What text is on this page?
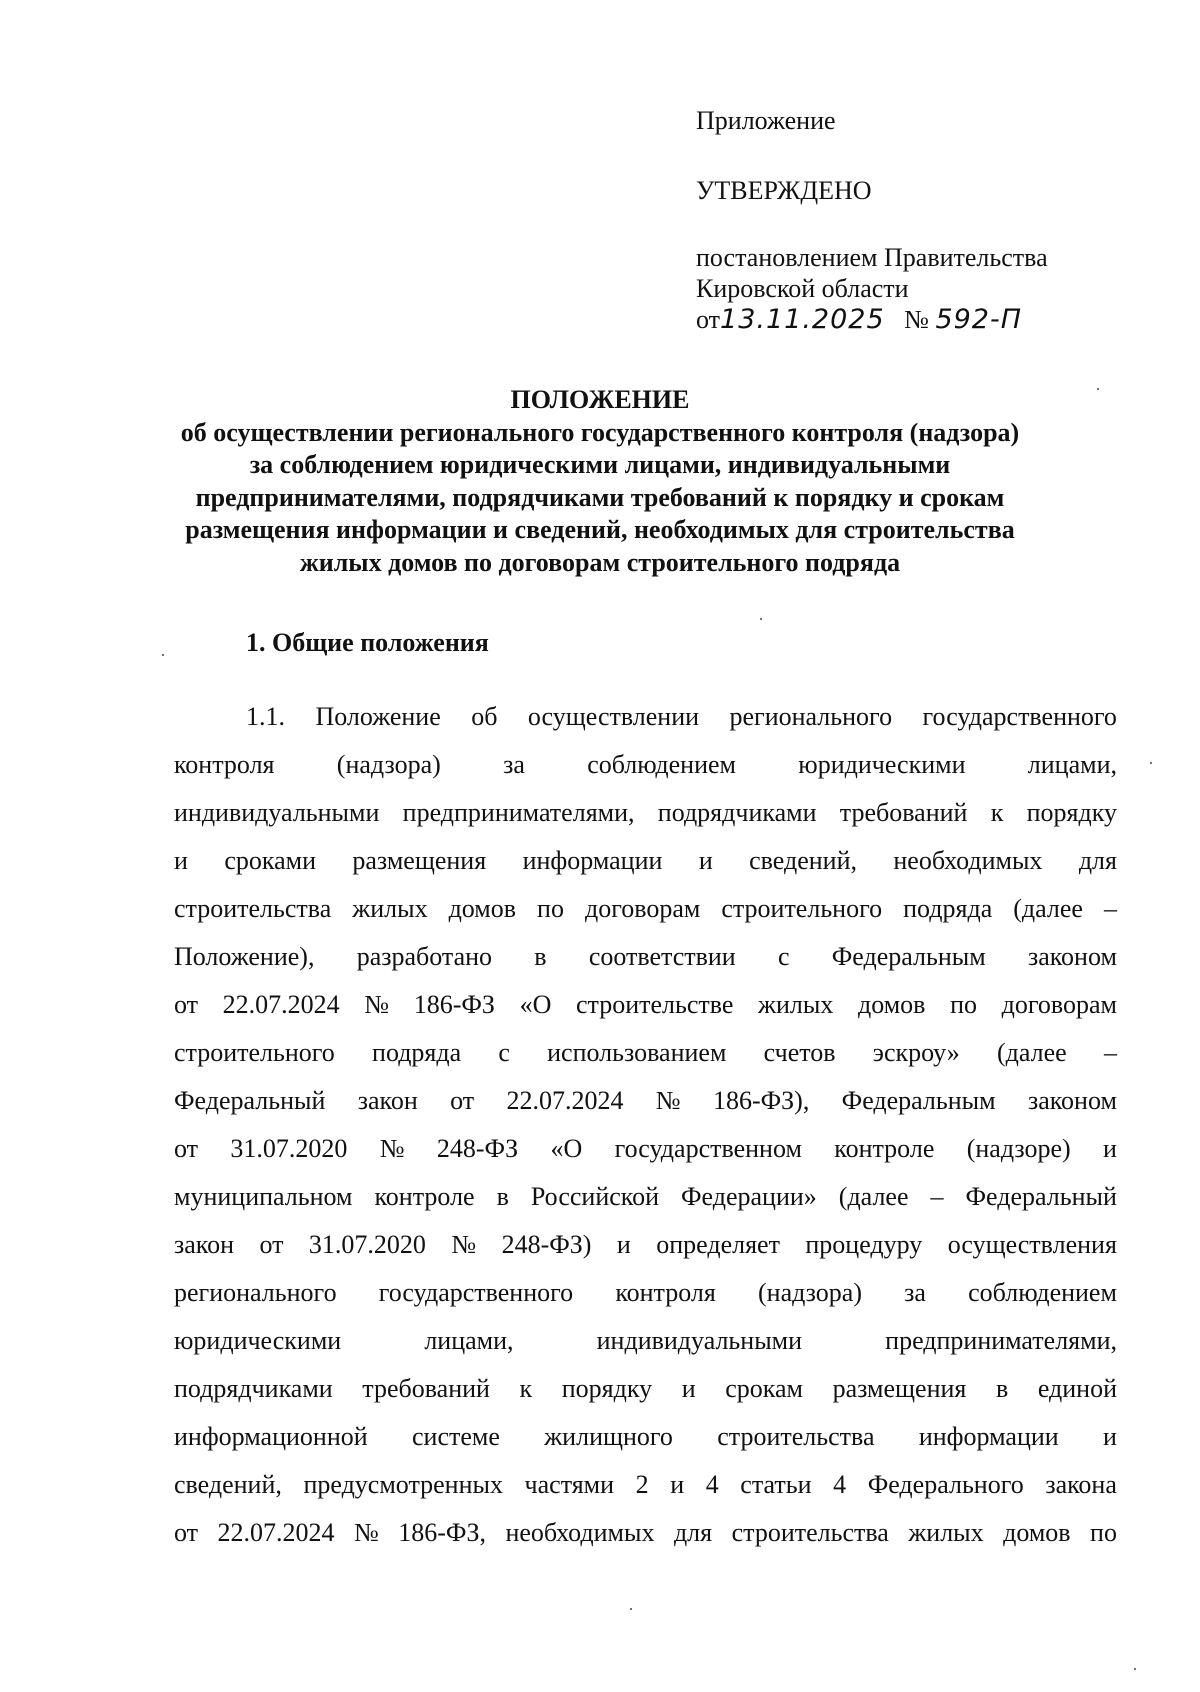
Приложение
УТВЕРЖДЕНО
постановлением Правительства
Кировской области
от13.11.2025 № 592-П
ПОЛОЖЕНИЕ
об осуществлении регионального государственного контроля (надзора)
за соблюдением юридическими лицами, индивидуальными
предпринимателями, подрядчиками требований к порядку и срокам
размещения информации и сведений, необходимых для строительства
жилых домов по договорам строительного подряда
1. Общие положения
1.1. Положение об осуществлении регионального государственного
контроля (надзора) за соблюдением юридическими лицами,
индивидуальными предпринимателями, подрядчиками требований к порядку
и сроками размещения информации и сведений, необходимых для
строительства жилых домов по договорам строительного подряда (далее –
Положение), разработано в соответствии с Федеральным законом
от 22.07.2024 № 186-ФЗ «О строительстве жилых домов по договорам
строительного подряда с использованием счетов эскроу» (далее –
Федеральный закон от 22.07.2024 № 186-ФЗ), Федеральным законом
от 31.07.2020 № 248-ФЗ «О государственном контроле (надзоре) и
муниципальном контроле в Российской Федерации» (далее – Федеральный
закон от 31.07.2020 № 248-ФЗ) и определяет процедуру осуществления
регионального государственного контроля (надзора) за соблюдением
юридическими	лицами,	индивидуальными	предпринимателями,
подрядчиками требований к порядку и срокам размещения в единой
информационной системе жилищного строительства информации и
сведений, предусмотренных частями 2 и 4 статьи 4 Федерального закона
от 22.07.2024 № 186-ФЗ, необходимых для строительства жилых домов по
